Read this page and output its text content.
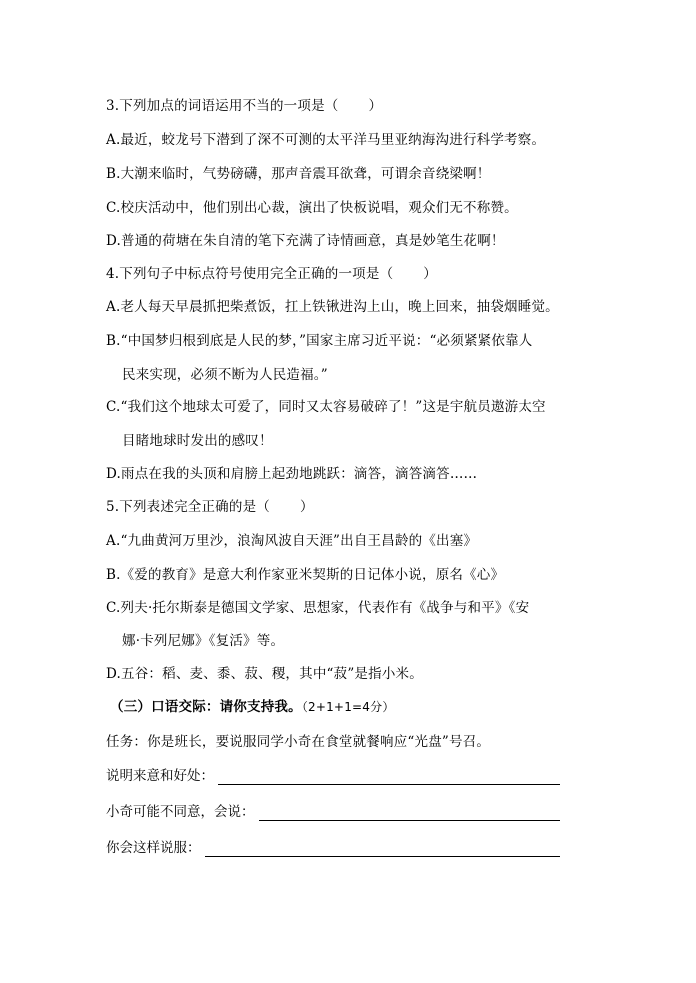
3.下列加点的词语运用不当的一项是（ ）
A.最近，蛟龙号下潜到了深不可测的太平洋马里亚纳海沟进行科学考察。
B.大潮来临时，气势磅礴，那声音震耳欲聋，可谓余音绕梁啊！
C.校庆活动中，他们别出心裁，演出了快板说唱，观众们无不称赞。
D.普通的荷塘在朱自清的笔下充满了诗情画意，真是妙笔生花啊！
4.下列句子中标点符号使用完全正确的一项是（ ）
A.老人每天早晨抓把柴煮饭，扛上铁锹进沟上山，晚上回来，抽袋烟睡觉。
B.“中国梦归根到底是人民的梦，”国家主席习近平说：“必须紧紧依靠人
民来实现，必须不断为人民造福。”
C.“我们这个地球太可爱了，同时又太容易破碎了！”这是宇航员遨游太空
目睹地球时发出的感叹！
D.雨点在我的头顶和肩膀上起劲地跳跃：滴答，滴答滴答……
5.下列表述完全正确的是（ ）
A.“九曲黄河万里沙，浪淘风波自天涯”出自王昌龄的《出塞》
B.《爱的教育》是意大利作家亚米契斯的日记体小说，原名《心》
C.列夫·托尔斯泰是德国文学家、思想家，代表作有《战争与和平》《安
娜·卡列尼娜》《复活》等。
D.五谷：稻、麦、黍、菽、稷，其中“菽”是指小米。
（三）口语交际：请你支持我。（2+1+1=4分）
任务：你是班长，要说服同学小奇在食堂就餐响应“光盘”号召。
说明来意和好处：
小奇可能不同意，会说：
你会这样说服：
